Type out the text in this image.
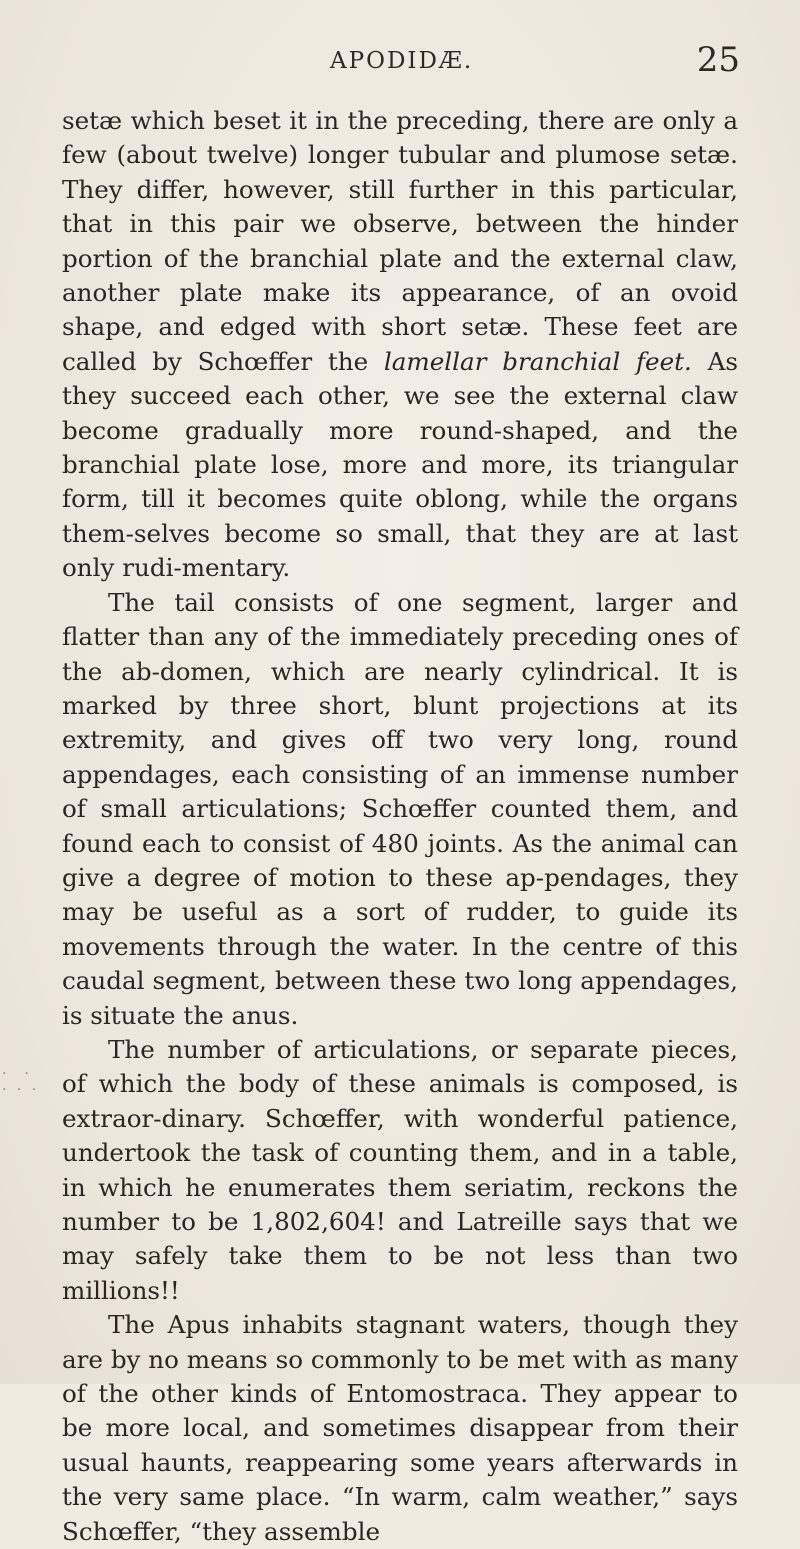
APODIDÆ.	25

setæ which beset it in the preceding, there are only a few (about twelve) longer tubular and plumose setæ. They differ, however, still further in this particular, that in this pair we observe, between the hinder portion of the branchial plate and the external claw, another plate make its appearance, of an ovoid shape, and edged with short setæ. These feet are called by Schœffer the lamellar branchial feet. As they succeed each other, we see the external claw become gradually more round-shaped, and the branchial plate lose, more and more, its triangular form, till it becomes quite oblong, while the organs them-selves become so small, that they are at last only rudi-mentary.

The tail consists of one segment, larger and flatter than any of the immediately preceding ones of the ab-domen, which are nearly cylindrical. It is marked by three short, blunt projections at its extremity, and gives off two very long, round appendages, each consisting of an immense number of small articulations; Schœffer counted them, and found each to consist of 480 joints. As the animal can give a degree of motion to these ap-pendages, they may be useful as a sort of rudder, to guide its movements through the water. In the centre of this caudal segment, between these two long appendages, is situate the anus.

The number of articulations, or separate pieces, of which the body of these animals is composed, is extraor-dinary. Schœffer, with wonderful patience, undertook the task of counting them, and in a table, in which he enumerates them seriatim, reckons the number to be 1,802,604! and Latreille says that we may safely take them to be not less than two millions!!

The Apus inhabits stagnant waters, though they are by no means so commonly to be met with as many of the other kinds of Entomostraca. They appear to be more local, and sometimes disappear from their usual haunts, reappearing some years afterwards in the very same place. “In warm, calm weather,” says Schœffer, “they assemble

·  ·
· · ·
